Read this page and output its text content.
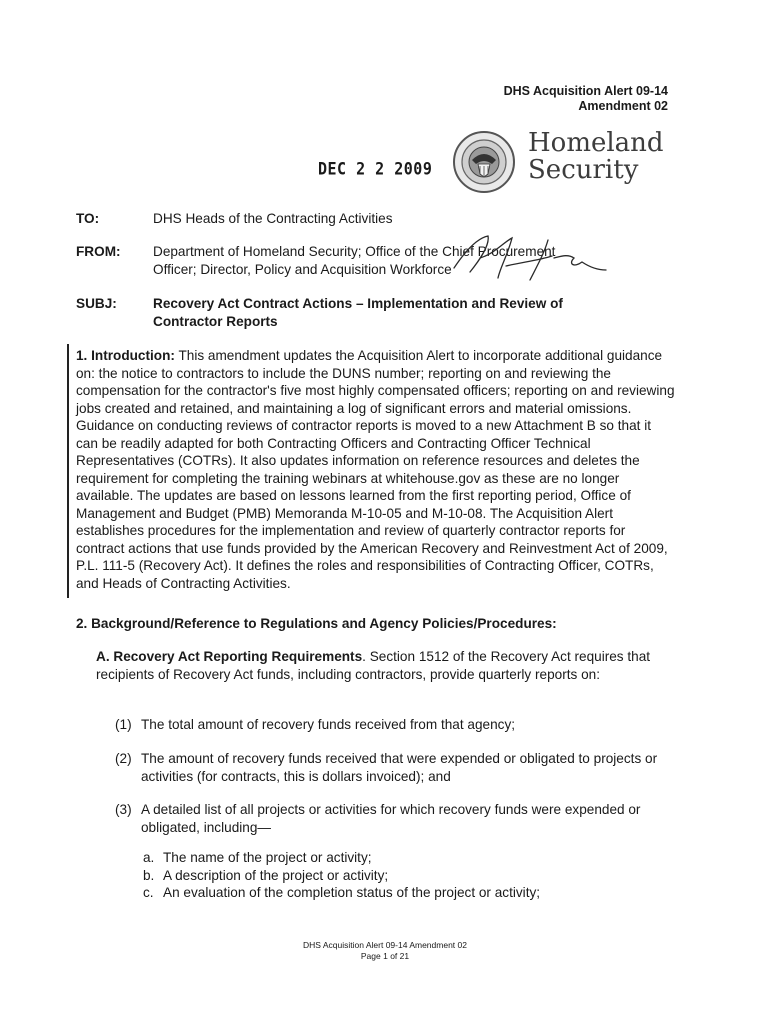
DHS Acquisition Alert 09-14
Amendment 02
DEC 2 2 2009
Homeland
Security
TO:	DHS Heads of the Contracting Activities
FROM: Department of Homeland Security; Office of the Chief Procurement
Officer; Director, Policy and Acquisition Workforce
SUBJ:	Recovery Act Contract Actions – Implementation and Review of
Contractor Reports
1. Introduction: This amendment updates the Acquisition Alert to incorporate additional guidance on: the notice to contractors to include the DUNS number; reporting on and reviewing the compensation for the contractor's five most highly compensated officers; reporting on and reviewing jobs created and retained, and maintaining a log of significant errors and material omissions. Guidance on conducting reviews of contractor reports is moved to a new Attachment B so that it can be readily adapted for both Contracting Officers and Contracting Officer Technical Representatives (COTRs). It also updates information on reference resources and deletes the requirement for completing the training webinars at whitehouse.gov as these are no longer available. The updates are based on lessons learned from the first reporting period, Office of Management and Budget (PMB) Memoranda M-10-05 and M-10-08. The Acquisition Alert establishes procedures for the implementation and review of quarterly contractor reports for contract actions that use funds provided by the American Recovery and Reinvestment Act of 2009, P.L. 111-5 (Recovery Act). It defines the roles and responsibilities of Contracting Officer, COTRs, and Heads of Contracting Activities.
2. Background/Reference to Regulations and Agency Policies/Procedures:
A. Recovery Act Reporting Requirements. Section 1512 of the Recovery Act requires that recipients of Recovery Act funds, including contractors, provide quarterly reports on:
(1) The total amount of recovery funds received from that agency;
(2) The amount of recovery funds received that were expended or obligated to projects or activities (for contracts, this is dollars invoiced); and
(3) A detailed list of all projects or activities for which recovery funds were expended or obligated, including—
a. The name of the project or activity;
b. A description of the project or activity;
c. An evaluation of the completion status of the project or activity;
DHS Acquisition Alert 09-14 Amendment 02
Page 1 of 21
